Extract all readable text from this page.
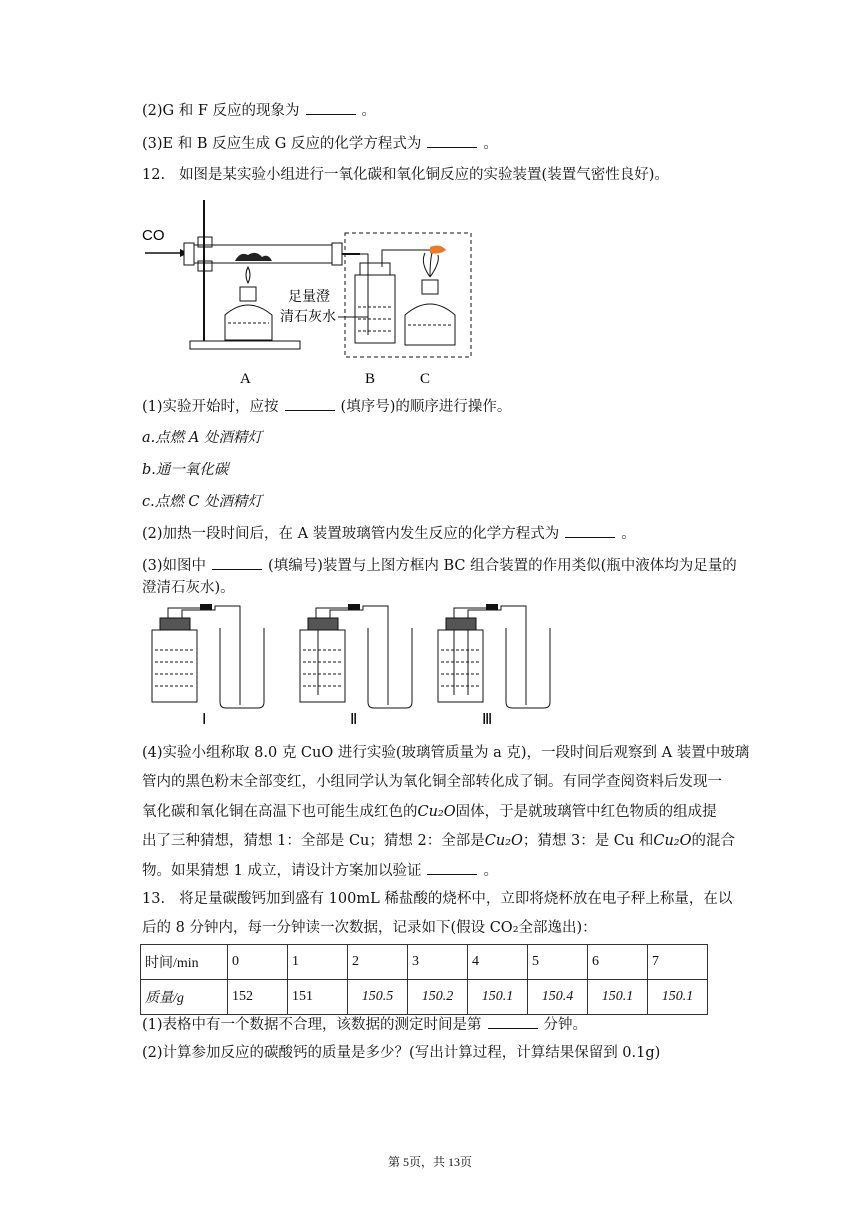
(2)G 和 F 反应的现象为	。
(3)E 和 B 反应生成 G 反应的化学方程式为	。
12. 如图是某实验小组进行一氧化碳和氧化铜反应的实验装置(装置气密性良好)。
CO
足量澄
清石灰水
A	B	C
(1)实验开始时，应按	(填序号)的顺序进行操作。
a.点燃 A 处酒精灯
b.通一氧化碳
c.点燃 C 处酒精灯
(2)加热一段时间后，在 A 装置玻璃管内发生反应的化学方程式为	。
(3)如图中	(填编号)装置与上图方框内 BC 组合装置的作用类似(瓶中液体均为足量的
澄清石灰水)。
Ⅰ	Ⅱ	Ⅲ
(4)实验小组称取 8.0 克 CuO 进行实验(玻璃管质量为 a 克)，一段时间后观察到 A 装置中玻璃
管内的黑色粉末全部变红，小组同学认为氧化铜全部转化成了铜。有同学查阅资料后发现一
氧化碳和氧化铜在高温下也可能生成红色的Cu₂O固体，于是就玻璃管中红色物质的组成提
出了三种猜想，猜想 1：全部是 Cu；猜想 2：全部是Cu₂O；猜想 3：是 Cu 和Cu₂O的混合
物。如果猜想 1 成立，请设计方案加以验证	。
13. 将足量碳酸钙加到盛有 100mL 稀盐酸的烧杯中，立即将烧杯放在电子秤上称量，在以
后的 8 分钟内，每一分钟读一次数据，记录如下(假设 CO₂全部逸出)：
时间/min	0	1	2	3	4	5	6	7
质量/g	152	151	150.5	150.2	150.1	150.4	150.1	150.1
(1)表格中有一个数据不合理，该数据的测定时间是第	分钟。
(2)计算参加反应的碳酸钙的质量是多少？(写出计算过程，计算结果保留到 0.1g)
第 5页，共 13页
